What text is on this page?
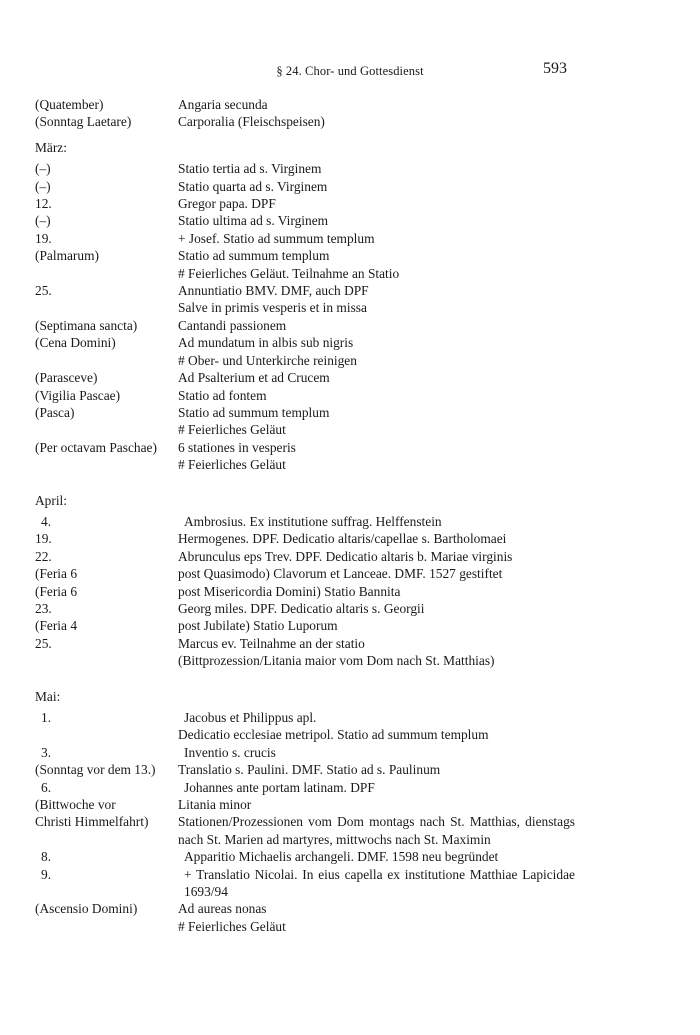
§ 24. Chor- und Gottesdienst	593
(Quatember)	Angaria secunda
(Sonntag Laetare)	Carporalia (Fleischspeisen)
März:
(–)	Statio tertia ad s. Virginem
(–)	Statio quarta ad s. Virginem
12.	Gregor papa. DPF
(–)	Statio ultima ad s. Virginem
19.	+ Josef. Statio ad summum templum
(Palmarum)	Statio ad summum templum
# Feierliches Geläut. Teilnahme an Statio
25.	Annuntiatio BMV. DMF, auch DPF
Salve in primis vesperis et in missa
(Septimana sancta)	Cantandi passionem
(Cena Domini)	Ad mundatum in albis sub nigris
# Ober- und Unterkirche reinigen
(Parasceve)	Ad Psalterium et ad Crucem
(Vigilia Pascae)	Statio ad fontem
(Pasca)	Statio ad summum templum
# Feierliches Geläut
(Per octavam Paschae)	6 stationes in vesperis
# Feierliches Geläut
April:
4.	Ambrosius. Ex institutione suffrag. Helffenstein
19.	Hermogenes. DPF. Dedicatio altaris/capellae s. Bartholomaei
22.	Abrunculus eps Trev. DPF. Dedicatio altaris b. Mariae virginis
(Feria 6	post Quasimodo) Clavorum et Lanceae. DMF. 1527 gestiftet
(Feria 6	post Misericordia Domini) Statio Bannita
23.	Georg miles. DPF. Dedicatio altaris s. Georgii
(Feria 4	post Jubilate) Statio Luporum
25.	Marcus ev. Teilnahme an der statio
(Bittprozession/Litania maior vom Dom nach St. Matthias)
Mai:
1.	Jacobus et Philippus apl.
Dedicatio ecclesiae metripol. Statio ad summum templum
3.	Inventio s. crucis
(Sonntag vor dem 13.)	Translatio s. Paulini. DMF. Statio ad s. Paulinum
6.	Johannes ante portam latinam. DPF
(Bittwoche vor	Litania minor
Christi Himmelfahrt)	Stationen/Prozessionen vom Dom montags nach St. Matthias, dienstags nach St. Marien ad martyres, mittwochs nach St. Maximin
8.	Apparitio Michaelis archangeli. DMF. 1598 neu begründet
9.	+ Translatio Nicolai. In eius capella ex institutione Matthiae Lapicidae 1693/94
(Ascensio Domini)	Ad aureas nonas
# Feierliches Geläut
